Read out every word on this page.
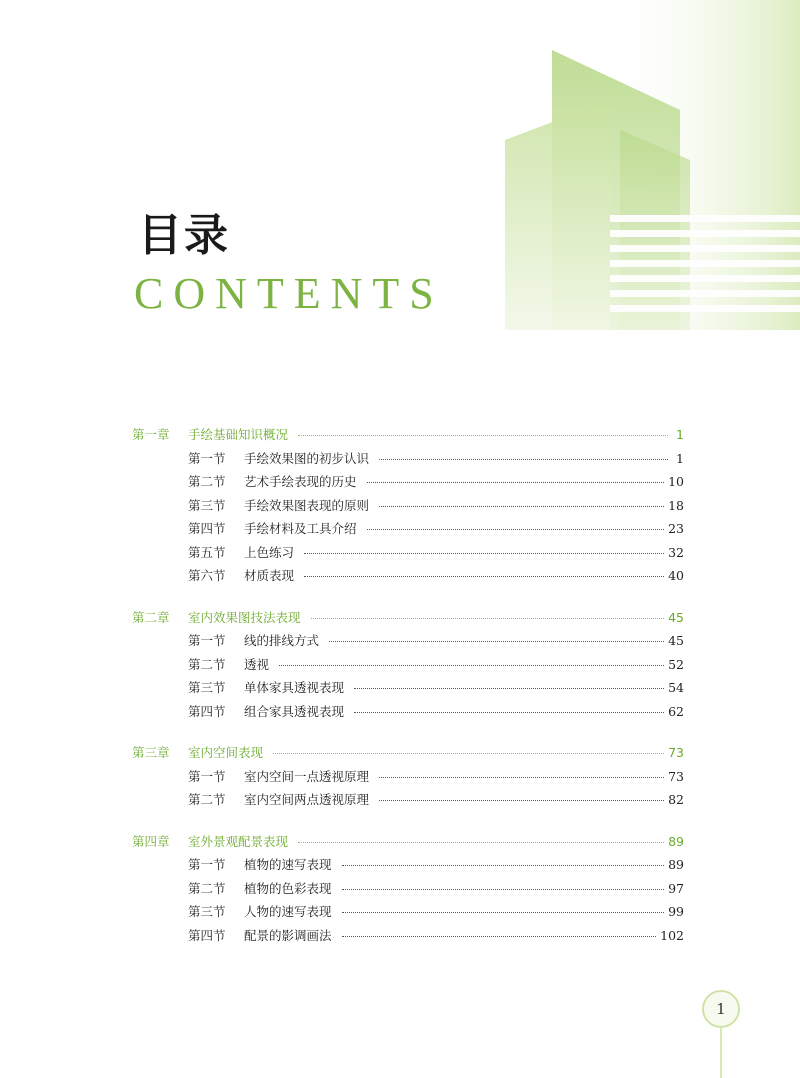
目录
CONTENTS
第一章	手绘基础知识概况	1
第一节	手绘效果图的初步认识	1
第二节	艺术手绘表现的历史	10
第三节	手绘效果图表现的原则	18
第四节	手绘材料及工具介绍	23
第五节	上色练习	32
第六节	材质表现	40
第二章	室内效果图技法表现	45
第一节	线的排线方式	45
第二节	透视	52
第三节	单体家具透视表现	54
第四节	组合家具透视表现	62
第三章	室内空间表现	73
第一节	室内空间一点透视原理	73
第二节	室内空间两点透视原理	82
第四章	室外景观配景表现	89
第一节	植物的速写表现	89
第二节	植物的色彩表现	97
第三节	人物的速写表现	99
第四节	配景的影调画法	102
1
